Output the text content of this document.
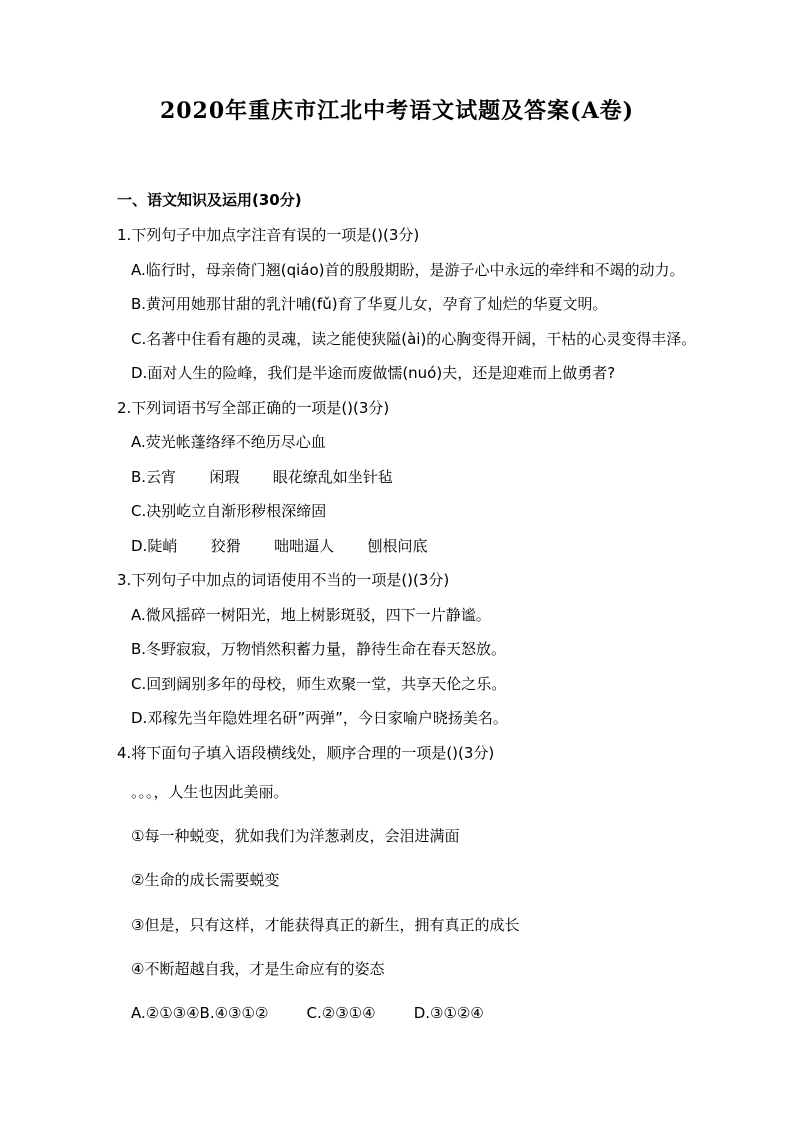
2020年重庆市江北中考语文试题及答案(A卷)
一、语文知识及运用(30分)

1.下列句子中加点字注音有误的一项是()(3分)

A.临行时，母亲倚门翘(qiáo)首的殷殷期盼，是游子心中永远的牵绊和不竭的动力。

B.黄河用她那甘甜的乳汁哺(fǔ)育了华夏儿女，孕育了灿烂的华夏文明。

C.名著中住看有趣的灵魂，读之能使狭隘(ài)的心胸变得开阔，干枯的心灵变得丰泽。

D.面对人生的险峰，我们是半途而废做懦(nuó)夫，还是迎难而上做勇者?

2.下列词语书写全部正确的一项是()(3分)

A.荧光帐蓬络绎不绝历尽心血

B.云宵       闲瑕       眼花缭乱如坐针毡

C.决别屹立自渐形秽根深缔固

D.陡峭       狡猾       咄咄逼人       刨根问底

3.下列句子中加点的词语使用不当的一项是()(3分)

A.微风摇碎一树阳光，地上树影斑驳，四下一片静谧。

B.冬野寂寂，万物悄然积蓄力量，静待生命在春天怒放。

C.回到阔别多年的母校，师生欢聚一堂，共享天伦之乐。

D.邓稼先当年隐姓埋名研”两弹”，今日家喻户晓扬美名。

4.将下面句子填入语段横线处，顺序合理的一项是()(3分)

。。。，人生也因此美丽。

①每一种蜕变，犹如我们为洋葱剥皮，会泪进满面

②生命的成长需要蜕变

③但是，只有这样，才能获得真正的新生，拥有真正的成长

④不断超越自我，才是生命应有的姿态

A.②①③④B.④③①②        C.②③①④        D.③①②④
